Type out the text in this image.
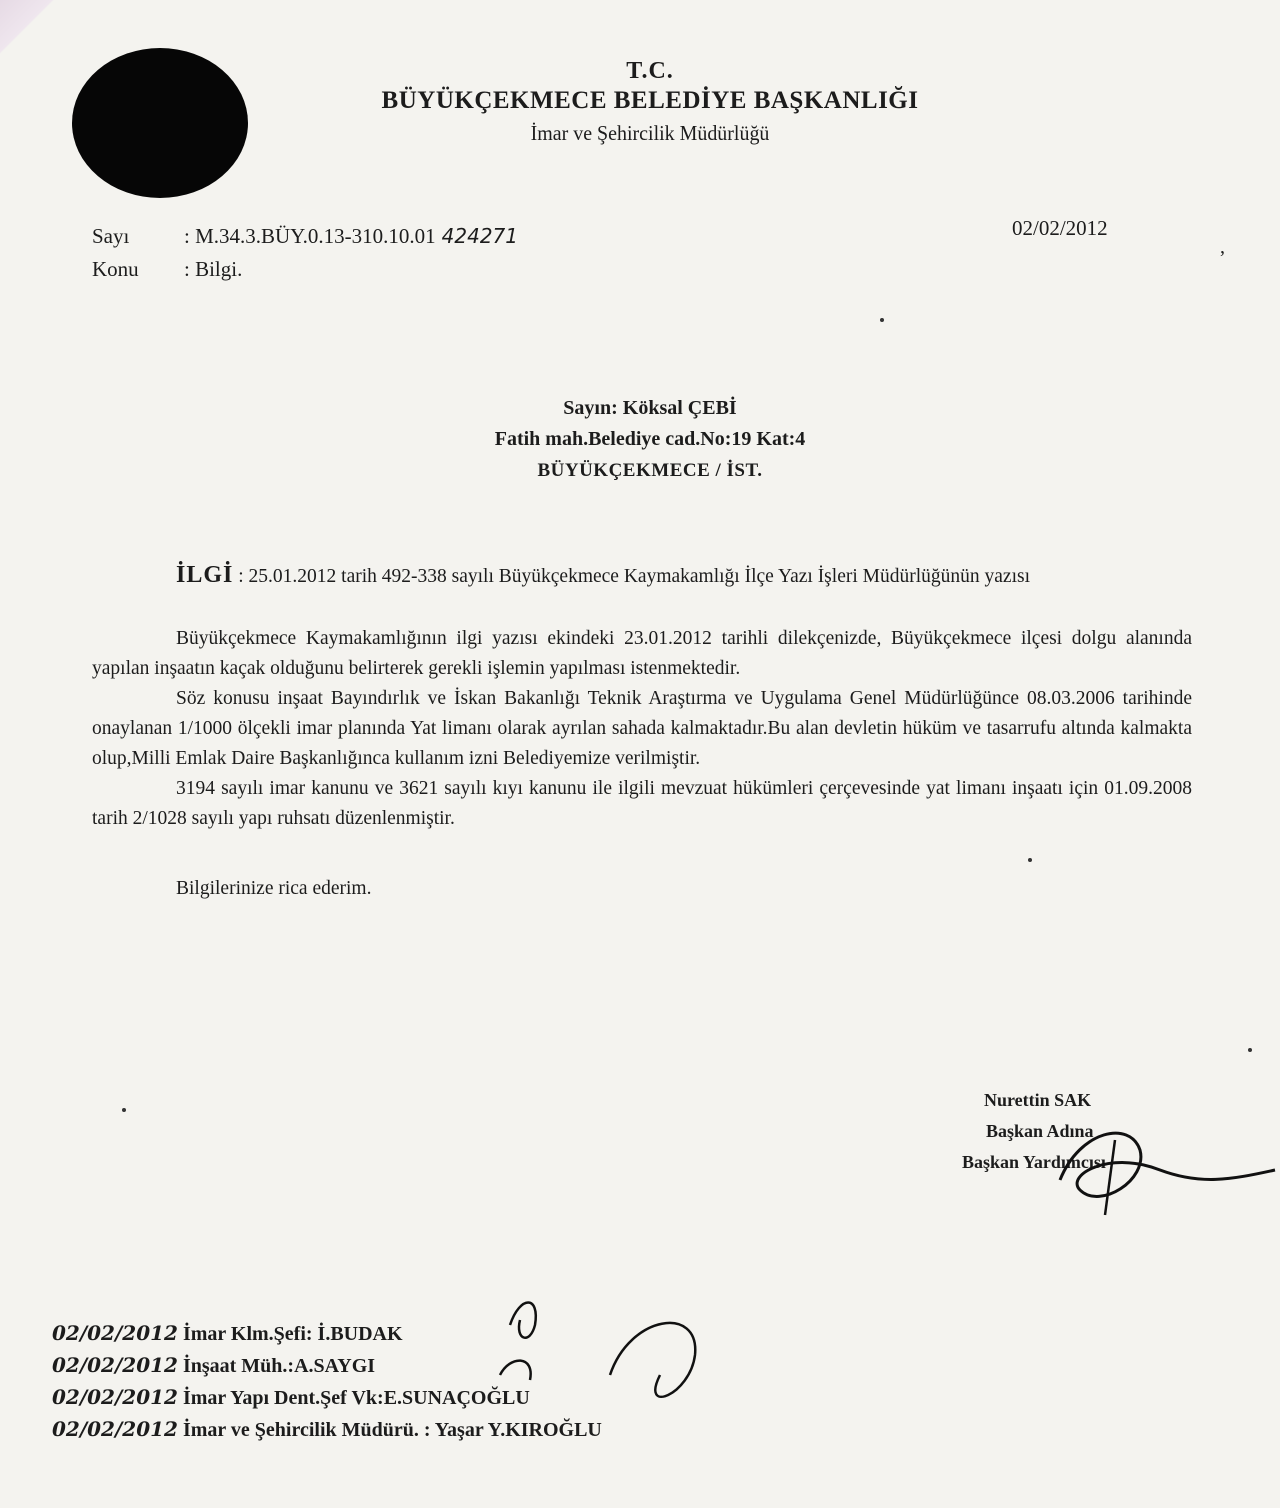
T.C.
BÜYÜKÇEKMECE BELEDİYE BAŞKANLIĞI
İmar ve Şehircilik Müdürlüğü
Sayı	: M.34.3.BÜY.0.13-310.10.01 424271
Konu	: Bilgi.
02/02/2012
,
Sayın: Köksal ÇEBİ
Fatih mah.Belediye cad.No:19 Kat:4
BÜYÜKÇEKMECE / İST.

İLGİ : 25.01.2012 tarih 492-338 sayılı Büyükçekmece Kaymakamlığı İlçe Yazı İşleri Müdürlüğünün yazısı

Büyükçekmece Kaymakamlığının ilgi yazısı ekindeki 23.01.2012 tarihli dilekçenizde, Büyükçekmece ilçesi dolgu alanında yapılan inşaatın kaçak olduğunu belirterek gerekli işlemin yapılması istenmektedir.

Söz konusu inşaat Bayındırlık ve İskan Bakanlığı Teknik Araştırma ve Uygulama Genel Müdürlüğünce 08.03.2006 tarihinde onaylanan 1/1000 ölçekli imar planında Yat limanı olarak ayrılan sahada kalmaktadır.Bu alan devletin hüküm ve tasarrufu altında kalmakta olup,Milli Emlak Daire Başkanlığınca kullanım izni Belediyemize verilmiştir.

3194 sayılı imar kanunu ve 3621 sayılı kıyı kanunu ile ilgili mevzuat hükümleri çerçevesinde yat limanı inşaatı için 01.09.2008 tarih 2/1028 sayılı yapı ruhsatı düzenlenmiştir.

Bilgilerinize rica ederim.

Nurettin SAK
Başkan Adına
Başkan Yardımcısı
02/02/2012 İmar Klm.Şefi: İ.BUDAK
02/02/2012 İnşaat Müh.:A.SAYGI
02/02/2012 İmar Yapı Dent.Şef Vk:E.SUNAÇOĞLU
02/02/2012 İmar ve Şehircilik Müdürü. : Yaşar Y.KIROĞLU
